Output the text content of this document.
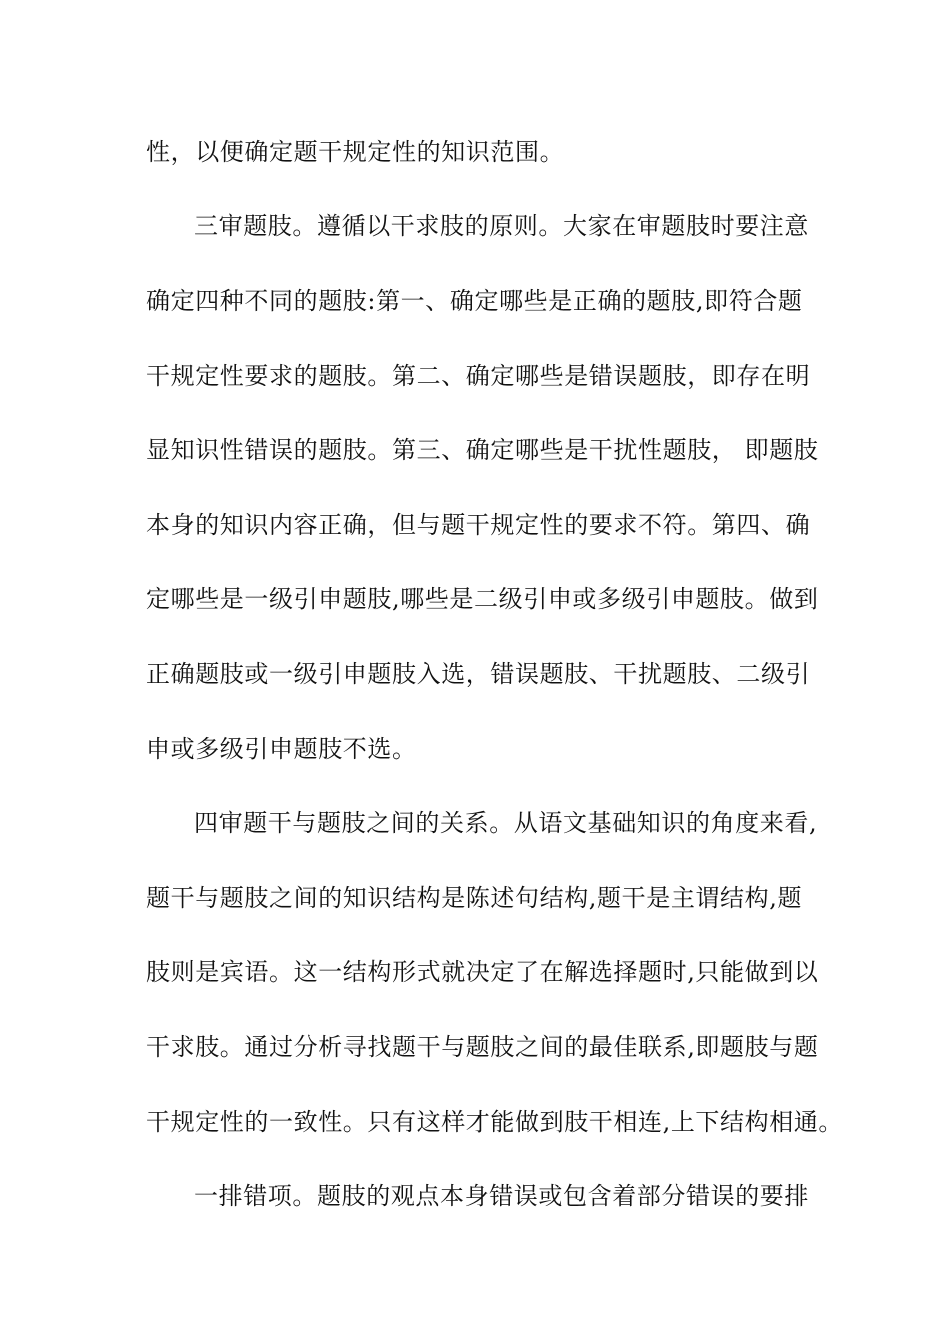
性，以便确定题干规定性的知识范围。
三审题肢。遵循以干求肢的原则。大家在审题肢时要注意
确定四种不同的题肢:第一、确定哪些是正确的题肢,即符合题
干规定性要求的题肢。第二、确定哪些是错误题肢，即存在明
显知识性错误的题肢。第三、确定哪些是干扰性题肢， 即题肢
本身的知识内容正确，但与题干规定性的要求不符。第四、确
定哪些是一级引申题肢,哪些是二级引申或多级引申题肢。做到
正确题肢或一级引申题肢入选，错误题肢、干扰题肢、二级引
申或多级引申题肢不选。
四审题干与题肢之间的关系。从语文基础知识的角度来看,
题干与题肢之间的知识结构是陈述句结构,题干是主谓结构,题
肢则是宾语。这一结构形式就决定了在解选择题时,只能做到以
干求肢。通过分析寻找题干与题肢之间的最佳联系,即题肢与题
干规定性的一致性。只有这样才能做到肢干相连,上下结构相通。
一排错项。题肢的观点本身错误或包含着部分错误的要排
